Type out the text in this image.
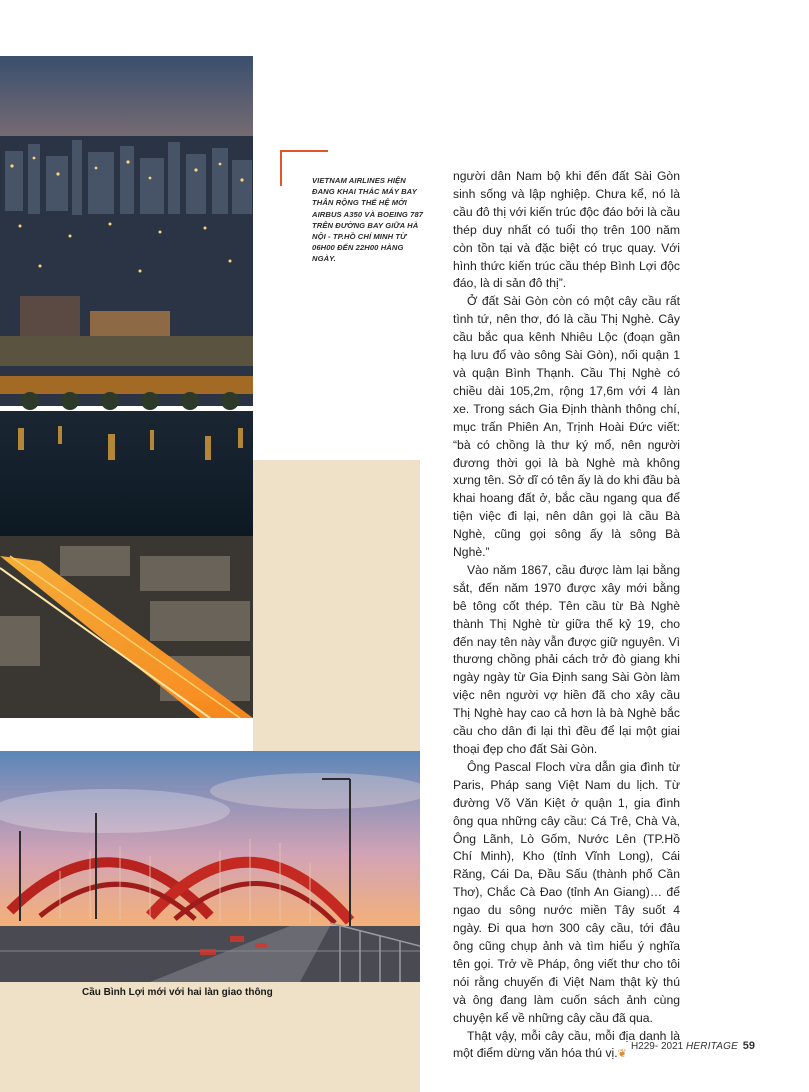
VIETNAM AIRLINES HIỆN ĐANG KHAI THÁC MÁY BAY THÂN RỘNG THẾ HỆ MỚI AIRBUS A350 VÀ BOEING 787 TRÊN ĐƯỜNG BAY GIỮA HÀ NỘI - TP.HỒ CHÍ MINH TỪ 06H00 ĐẾN 22H00 HÀNG NGÀY.

người dân Nam bộ khi đến đất Sài Gòn sinh sống và lập nghiệp. Chưa kể, nó là cầu đô thị với kiến trúc độc đáo bởi là cầu thép duy nhất có tuổi thọ trên 100 năm còn tồn tại và đặc biệt có trục quay. Với hình thức kiến trúc cầu thép Bình Lợi độc đáo, là di sản đô thị”.

Ở đất Sài Gòn còn có một cây cầu rất tình tứ, nên thơ, đó là cầu Thị Nghè. Cây cầu bắc qua kênh Nhiêu Lộc (đoạn gần hạ lưu đổ vào sông Sài Gòn), nối quận 1 và quận Bình Thạnh. Cầu Thị Nghè có chiều dài 105,2m, rộng 17,6m với 4 làn xe. Trong sách Gia Định thành thông chí, mục trấn Phiên An, Trịnh Hoài Đức viết: “bà có chồng là thư ký mổ, nên người đương thời gọi là bà Nghè mà không xưng tên. Sở dĩ có tên ấy là do khi đầu bà khai hoang đất ở, bắc cầu ngang qua để tiện việc đi lại, nên dân gọi là cầu Bà Nghè, cũng gọi sông ấy là sông Bà Nghè.”

Vào năm 1867, cầu được làm lại bằng sắt, đến năm 1970 được xây mới bằng bê tông cốt thép. Tên cầu từ Bà Nghè thành Thị Nghè từ giữa thế kỷ 19, cho đến nay tên này vẫn được giữ nguyên. Vì thương chồng phải cách trở đò giang khi ngày ngày từ Gia Định sang Sài Gòn làm việc nên người vợ hiền đã cho xây cầu Thị Nghè hay cao cả hơn là bà Nghè bắc cầu cho dân đi lại thì đều để lại một giai thoại đẹp cho đất Sài Gòn.

Ông Pascal Floch vừa dẫn gia đình từ Paris, Pháp sang Việt Nam du lịch. Từ đường Võ Văn Kiệt ở quận 1, gia đình ông qua những cây cầu: Cá Trê, Chà Và, Ông Lãnh, Lò Gốm, Nước Lên (TP.Hồ Chí Minh), Kho (tỉnh Vĩnh Long), Cái Răng, Cái Da, Đầu Sấu (thành phố Cần Thơ), Chắc Cà Đao (tỉnh An Giang)… để ngao du sông nước miền Tây suốt 4 ngày. Đi qua hơn 300 cây cầu, tới đâu ông cũng chụp ảnh và tìm hiểu ý nghĩa tên gọi. Trở về Pháp, ông viết thư cho tôi nói rằng chuyến đi Việt Nam thật kỳ thú và ông đang làm cuốn sách ảnh cùng chuyện kể về những cây cầu đã qua.

Thật vậy, mỗi cây cầu, mỗi địa danh là một điểm dừng văn hóa thú vị.❦

Cầu Bình Lợi mới với hai làn giao thông
H229- 2021 HERITAGE 59
